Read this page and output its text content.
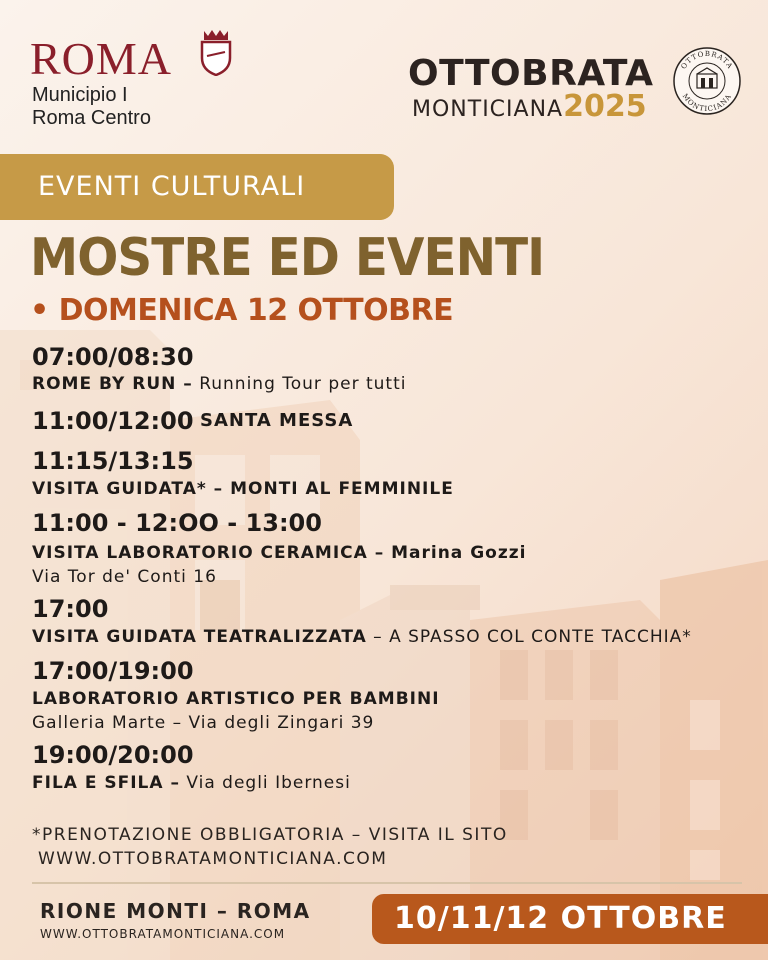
ROMA
Municipio I
Roma Centro
OTTOBRATA
MONTICIANA2025
OTTOBRATA
MONTICIANA
EVENTI CULTURALI
MOSTRE ED EVENTI
• DOMENICA 12 OTTOBRE
07:00/08:30
ROME BY RUN – Running Tour per tutti
11:00/12:00 SANTA MESSA
11:15/13:15
VISITA GUIDATA* – MONTI AL FEMMINILE
11:00 - 12:OO - 13:00
VISITA LABORATORIO CERAMICA – Marina Gozzi
Via Tor de' Conti 16
17:00
VISITA GUIDATA TEATRALIZZATA – A SPASSO COL CONTE TACCHIA*
17:00/19:00
LABORATORIO ARTISTICO PER BAMBINI
Galleria Marte – Via degli Zingari 39
19:00/20:00
FILA E SFILA – Via degli Ibernesi
*PRENOTAZIONE OBBLIGATORIA – VISITA IL SITO
WWW.OTTOBRATAMONTICIANA.COM
RIONE MONTI – ROMA
WWW.OTTOBRATAMONTICIANA.COM	10/11/12 OTTOBRE
